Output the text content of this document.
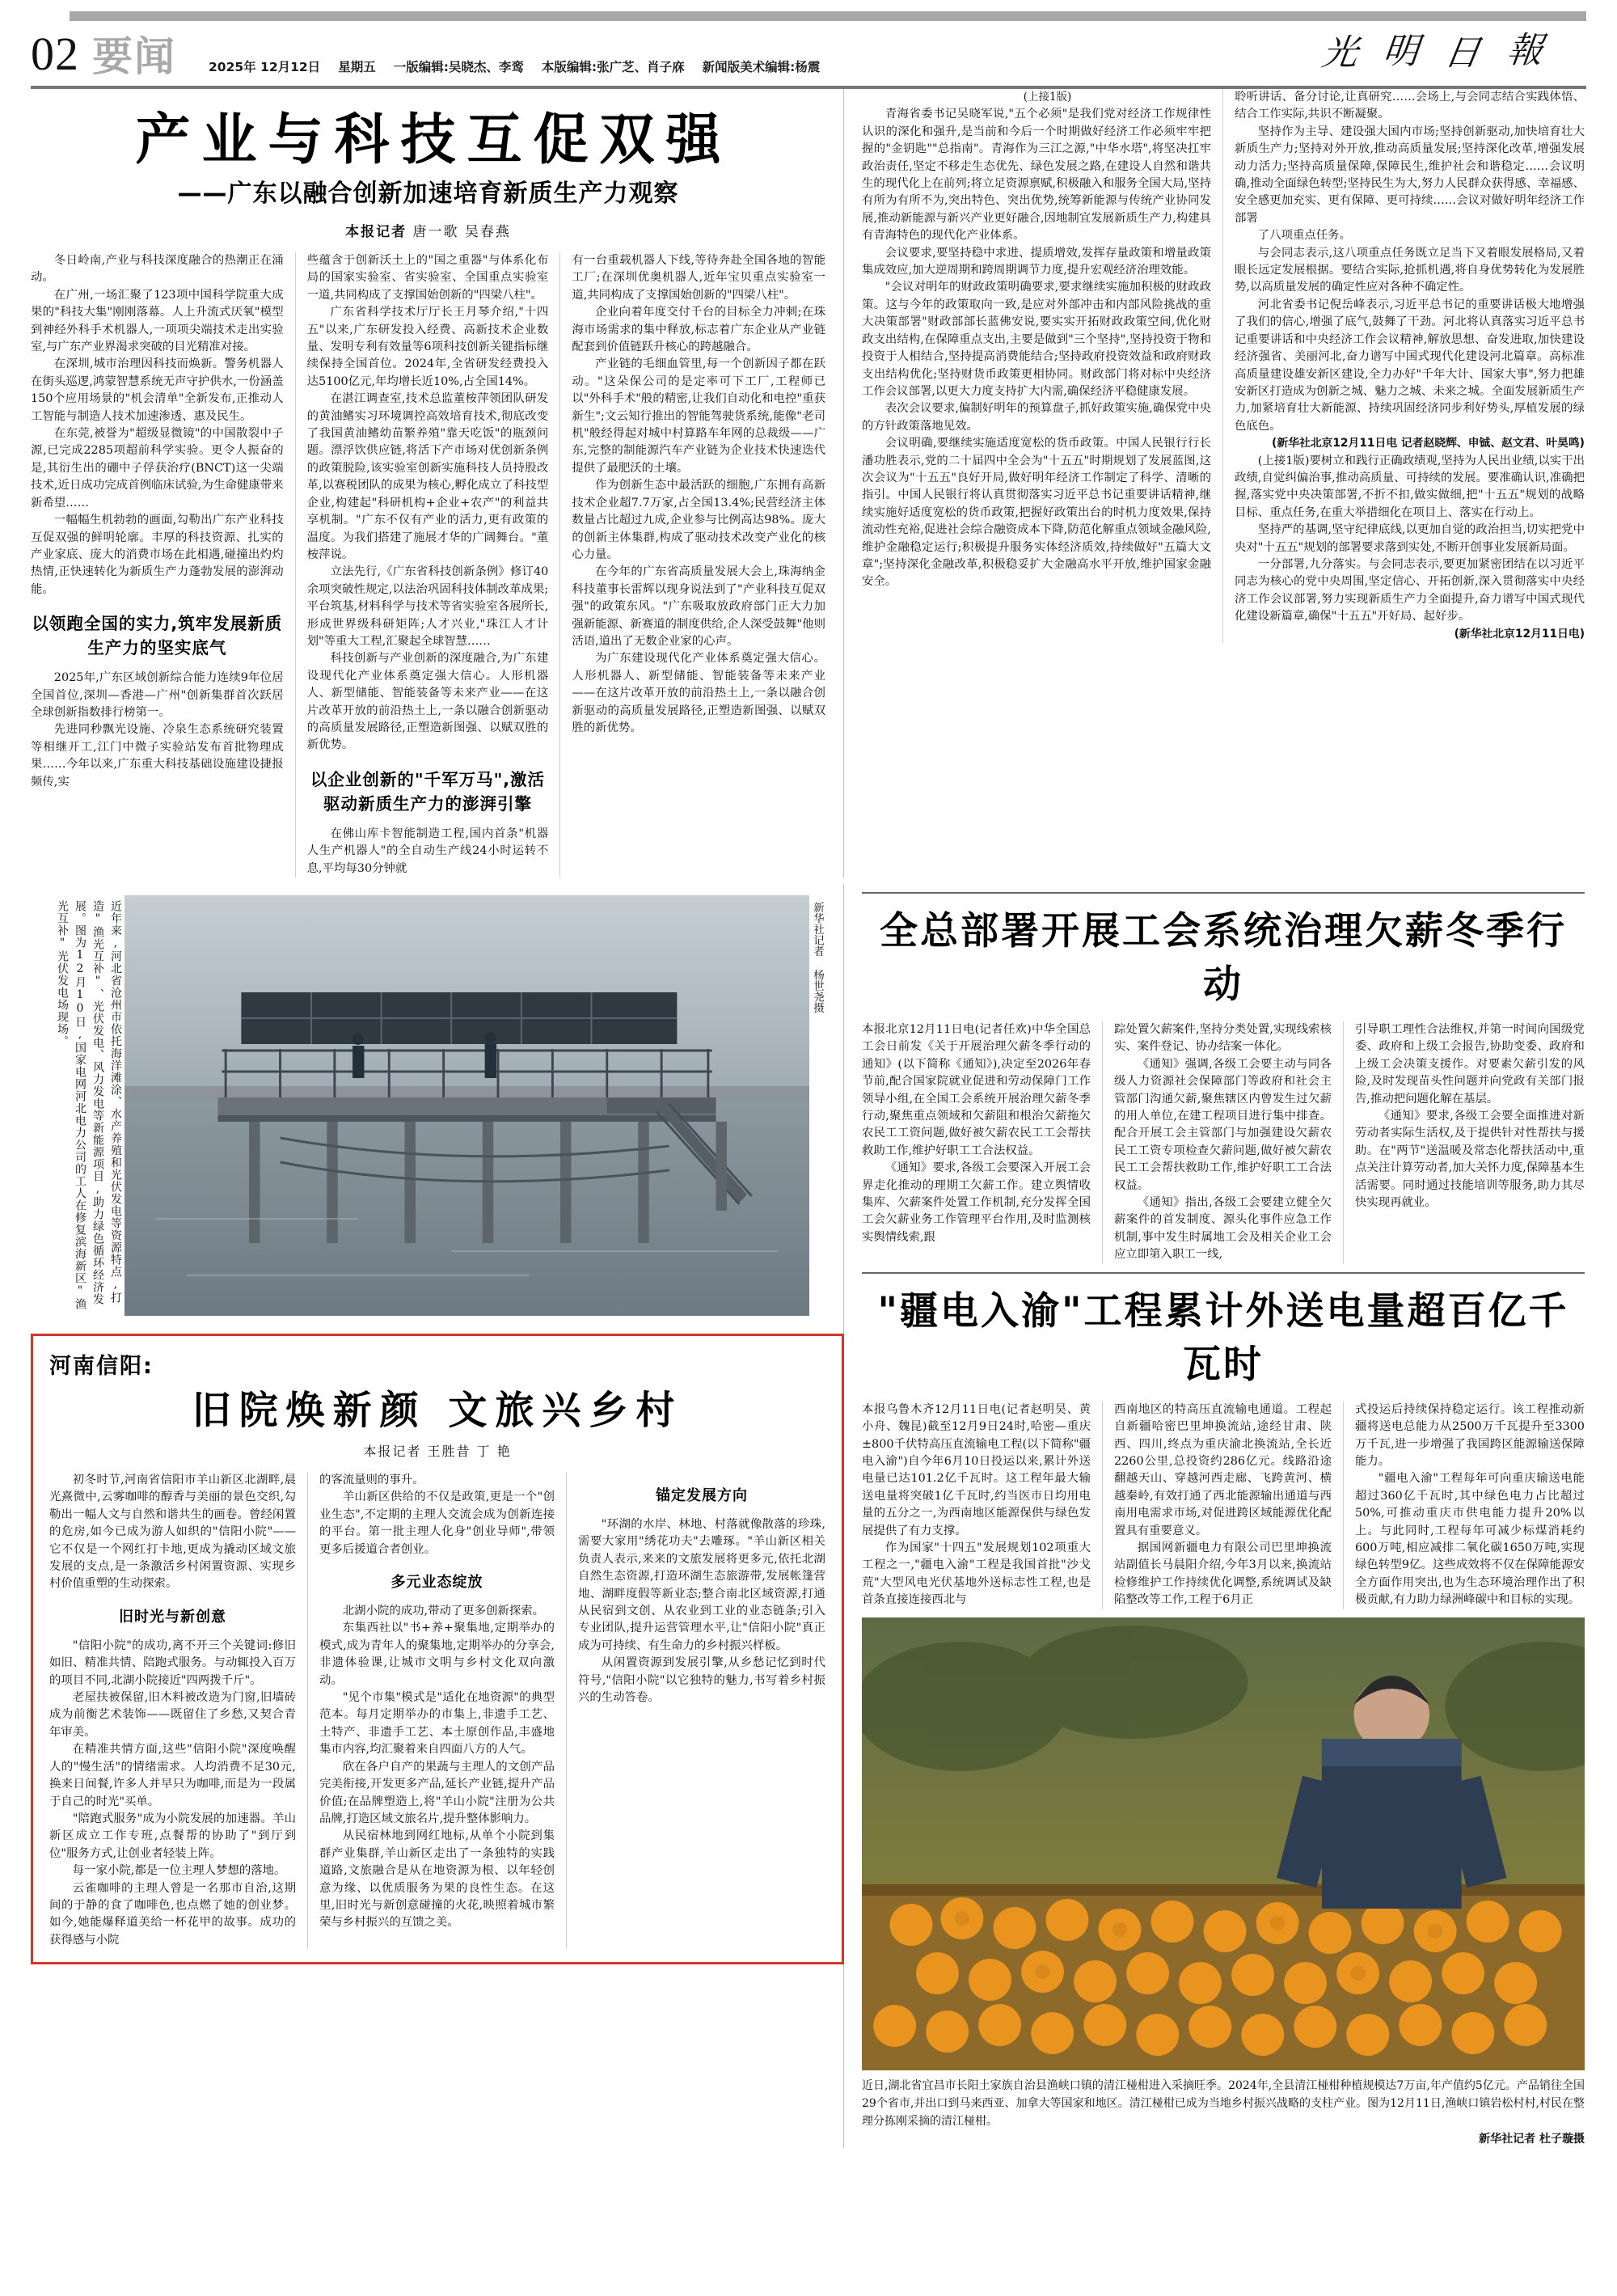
02 要闻	2025年 12月12日 星期五 一版编辑:吴晓杰、李鸾 本版编辑:张广芝、肖子庥 新闻版美术编辑:杨震	光 明 日 報
产业与科技互促双强
——广东以融合创新加速培育新质生产力观察
本报记者 唐一歌 吴春燕

冬日岭南,产业与科技深度融合的热潮正在涌动。

在广州,一场汇聚了123项中国科学院重大成果的"科技大集"刚刚落幕。人上升流式厌氧"模型到神经外科手术机器人,一项项尖端技术走出实验室,与广东产业界渴求突破的目光精准对接。

在深圳,城市治理因科技而焕新。警务机器人在街头巡逻,鸿蒙智慧系统无声守护供水,一份涵盖150个应用场景的"机会清单"全新发布,正推动人工智能与制造人技术加速渗透、惠及民生。

在东莞,被誉为"超级显微镜"的中国散裂中子源,已完成2285项超前科学实验。更令人振奋的是,其衍生出的硼中子俘获治疗(BNCT)这一尖端技术,近日成功完成首例临床试验,为生命健康带来新希望……

一幅幅生机勃勃的画面,勾勒出广东产业科技互促双强的鲜明轮廓。丰厚的科技资源、扎实的产业家底、庞大的消费市场在此相遇,碰撞出灼灼热情,正快速转化为新质生产力蓬勃发展的澎湃动能。

以领跑全国的实力,筑牢发展新质生产力的坚实底气

2025年,广东区域创新综合能力连续9年位居全国首位,深圳—香港—广州"创新集群首次跃居全球创新指数排行榜第一。

先进同秒飘光设施、冷泉生态系统研究装置等相继开工,江门中微子实验站发布首批物理成果……今年以来,广东重大科技基础设施建设捷报频传,实

些蕴含于创新沃土上的"国之重器"与体系化布局的国家实验室、省实验室、全国重点实验室一道,共同构成了支撑国始创新的"四梁八柱"。

广东省科学技术厅厅长王月琴介绍,"十四五"以来,广东研发投入经费、高新技术企业数量、发明专利有效量等6项科技创新关键指标继续保持全国首位。2024年,全省研发经费投入达5100亿元,年均增长近10%,占全国14%。

在湛江调查室,技术总监董桉萍领团队研发的黄油鳍实习环境调控高效培育技术,彻底改变了我国黄油鳍幼苗繁养殖"靠天吃饭"的瓶颈问题。漂浮饮供应链,将活下产市场对优创新条例的政策脱险,该实验室创新实施科技人员持股改革,以赛税团队的成果为核心,孵化成立了科技型企业,构建起"科研机构+企业+农产"的利益共享机制。"广东不仅有产业的活力,更有政策的温度。为我们搭建了施展才华的广阔舞台。"董桉萍说。

立法先行,《广东省科技创新条例》修订40余项突破性规定,以法治巩固科技体制改革成果;平台筑基,材料科学与技术等省实验室各展所长,形成世界级科研矩阵;人才兴业,"珠江人才计划"等重大工程,汇聚起全球智慧……

科技创新与产业创新的深度融合,为广东建设现代化产业体系奠定强大信心。人形机器人、新型储能、智能装备等未来产业——在这片改革开放的前沿热土上,一条以融合创新驱动的高质量发展路径,正塑造新图强、以赋双胜的新优势。

以企业创新的"千军万马",激活驱动新质生产力的澎湃引擎

在佛山库卡智能制造工程,国内首条"机器人生产机器人"的全自动生产线24小时运转不息,平均每30分钟就

有一台重载机器人下线,等待奔赴全国各地的智能工厂;在深圳优奥机器人,近年宝贝重点实验室一道,共同构成了支撑国始创新的"四梁八柱"。

企业向着年度交付千台的目标全力冲刺;在珠海市场需求的集中释放,标志着广东企业从产业链配套到价值链跃升核心的跨越融合。

产业链的毛细血管里,每一个创新因子都在跃动。"这朵保公司的是定率可下工厂,工程师已以"外科手术"般的精密,让我们自动化和电控"重获新生";文云知行推出的智能驾驶货系统,能像"老司机"般经得起对城中村算路车年网的总裁级——广东,完整的制能源汽车产业链为企业技术快速迭代提供了最肥沃的土壤。

作为创新生态中最活跃的细胞,广东拥有高新技术企业超7.7万家,占全国13.4%;民营经济主体数量占比超过九成,企业参与比例高达98%。庞大的创新主体集群,构成了驱动技术改变产业化的核心力量。

在今年的广东省高质量发展大会上,珠海纳金科技董事长雷辉以现身说法到了"产业科技互促双强"的政策东风。"广东吸取放政府部门正大力加强新能源、新赛道的制度供给,企人深受鼓舞"他则活语,道出了无数企业家的心声。

为广东建设现代化产业体系奠定强大信心。人形机器人、新型储能、智能装备等未来产业——在这片改革开放的前沿热土上,一条以融合创新驱动的高质量发展路径,正塑造新图强、以赋双胜的新优势。

(上接1版)

青海省委书记吴晓军说,"五个必须"是我们党对经济工作规律性认识的深化和强升,是当前和今后一个时期做好经济工作必须牢牢把握的"金钥匙""总指南"。青海作为三江之源,"中华水塔",将坚决扛牢政治责任,坚定不移走生态优先、绿色发展之路,在建设人自然和谐共生的现代化上在前列;将立足资源禀赋,积极融入和服务全国大局,坚持有所为有所不为,突出特色、突出优势,统筹新能源与传统产业协同发展,推动新能源与新兴产业更好融合,因地制宜发展新质生产力,构建具有青海特色的现代化产业体系。

会议要求,要坚持稳中求进、提质增效,发挥存量政策和增量政策集成效应,加大逆周期和跨周期调节力度,提升宏观经济治理效能。

"会议对明年的财政政策明确要求,要求继续实施加积极的财政政策。这与今年的政策取向一致,是应对外部冲击和内部风险挑战的重大决策部署"财政部部长蓝佛安说,要实实开拓财政政策空间,优化财政支出结构,在保障重点支出,主要是做到"三个坚持",坚持投资于物和投资于人相结合,坚持提高消费能结合;坚持政府投资效益和政府财政支出结构优化;坚持财货币政策更相协同。财政部门将对标中央经济工作会议部署,以更大力度支持扩大内需,确保经济平稳健康发展。

表次会议要求,偏制好明年的预算盘子,抓好政策实施,确保党中央的方针政策落地见效。

会议明确,要继续实施适度宽松的货币政策。中国人民银行行长潘功胜表示,党的二十届四中全会为"十五五"时期规划了发展蓝图,这次会议为"十五五"良好开局,做好明年经济工作制定了科学、清晰的指引。中国人民银行将认真贯彻落实习近平总书记重要讲话精神,继续实施好适度宽松的货币政策,把握好政策出台的时机力度效果,保持流动性充裕,促进社会综合融资成本下降,防范化解重点领域金融风险,维护金融稳定运行;积极提升服务实体经济质效,持续做好"五篇大文章";坚持深化金融改革,积极稳妥扩大金融高水平开放,维护国家金融安全。

聆听讲话、备分讨论,让真研究……会场上,与会同志结合实践体悟、结合工作实际,共识不断凝聚。

坚持作为主导、建设强大国内市场;坚持创新驱动,加快培育壮大新质生产力;坚持对外开放,推动高质量发展;坚持深化改革,增强发展动力活力;坚持高质量保障,保障民生,维护社会和谐稳定……会议明确,推动全面绿色转型;坚持民生为大,努力人民群众获得感、幸福感、安全感更加充实、更有保障、更可持续……会议对做好明年经济工作部署

了八项重点任务。

与会同志表示,这八项重点任务既立足当下又着眼发展格局,又着眼长远定发展根据。要结合实际,抢抓机遇,将自身优势转化为发展胜势,以高质量发展的确定性应对各种不确定性。

河北省委书记倪岳峰表示,习近平总书记的重要讲话极大地增强了我们的信心,增强了底气,鼓舞了干劲。河北将认真落实习近平总书记重要讲话和中央经济工作会议精神,解放思想、奋发进取,加快建设经济强省、美丽河北,奋力谱写中国式现代化建设河北篇章。高标准高质量建设雄安新区建设,全力办好"千年大计、国家大事",努力把雄安新区打造成为创新之城、魅力之城、未来之城。全面发展新质生产力,加紧培育壮大新能源、持续巩固经济同步利好势头,厚植发展的绿色底色。

(新华社北京12月11日电 记者赵晓辉、申铖、赵文君、叶昊鸣)

(上接1版)要树立和践行正确政绩观,坚持为人民出业绩,以实干出政绩,自觉纠偏治事,推动高质量、可持续的发展。要准确认识,准确把握,落实党中央决策部署,不折不扣,做实做细,把"十五五"规划的战略目标、重点任务,在重大举措细化在项目上、落实在行动上。

坚持严的基调,坚守纪律底线,以更加自觉的政治担当,切实把党中央对"十五五"规划的部署要求落到实处,不断开创事业发展新局面。

一分部署,九分落实。与会同志表示,要更加紧密团结在以习近平同志为核心的党中央周围,坚定信心、开拓创新,深入贯彻落实中央经济工作会议部署,努力实现新质生产力全面提升,奋力谱写中国式现代化建设新篇章,确保"十五五"开好局、起好步。

(新华社北京12月11日电)

近年来,河北省沧州市依托海洋滩涂、水产养殖和光伏发电等资源特点,打造"渔光互补"、光伏发电、风力发电等新能源项目,助力绿色循环经济发展。图为12月10日,国家电网河北电力公司的工人在修复滨海新区"渔光互补"光伏发电场现场。	新华社记者 杨世尧摄
河南信阳:
旧院焕新颜 文旅兴乡村
本报记者 王胜昔 丁 艳

初冬时节,河南省信阳市羊山新区北湖畔,晨光熹微中,云雾咖啡的醇香与美丽的景色交织,勾勒出一幅人文与自然和谐共生的画卷。曾经闲置的危房,如今已成为游人如织的"信阳小院"——它不仅是一个网红打卡地,更成为撬动区域文旅发展的支点,是一条激活乡村闲置资源、实现乡村价值重塑的生动探索。

旧时光与新创意

"信阳小院"的成功,离不开三个关键词:修旧如旧、精准共情、陪跑式服务。与动辄投入百万的项目不同,北湖小院接近"四两拨千斤"。

老屋扶被保留,旧木料被改造为门窗,旧墙砖成为前衡艺术装饰——既留住了乡愁,又契合青年审美。

在精准共情方面,这些"信阳小院"深度唤醒人的"慢生活"的情绪需求。人均消费不足30元,换来日间餐,许多人并早只为咖啡,而是为一段属于自己的时光"买单。

"陪跑式服务"成为小院发展的加速器。羊山新区成立工作专班,点餐帮的协助了"到厅到位"服务方式,让创业者轻装上阵。

每一家小院,都是一位主理人梦想的落地。

云雀咖啡的主理人曾是一名那市自治,这期间的于静的食了咖啡色,也点燃了她的创业梦。如今,她能爆释道美给一杯花甲的故事。成功的获得感与小院

的客流量则的事升。

羊山新区供给的不仅是政策,更是一个"创业生态",不定期的主理人交流会成为创新连接的平台。第一批主理人化身"创业导师",带领更多后援道合者创业。

多元业态绽放

北湖小院的成功,带动了更多创新探索。

东集西社以"书+养+聚集地,定期举办的模式,成为青年人的聚集地,定期举办的分享会,非遗体验课,让城市文明与乡村文化双向激动。

"见个市集"模式是"适化在地资源"的典型范本。每月定期举办的市集上,非遗手工艺、土特产、非遗手工艺、本土原创作品,丰盛地集市内容,均汇聚着来自四面八方的人气。

欣在各户自产的果蔬与主理人的文创产品完美衔接,开发更多产品,延长产业链,提升产品价值;在品牌塑造上,将"羊山小院"注册为公共品牌,打造区域文旅名片,提升整体影响力。

从民宿林地到网红地标,从单个小院到集群产业集群,羊山新区走出了一条独特的实践道路,文旅融合是从在地资源为根、以年轻创意为缘、以优质服务为果的良性生态。在这里,旧时光与新创意碰撞的火花,映照着城市繁荣与乡村振兴的互馈之美。

锚定发展方向

"环湖的水岸、林地、村落就像散落的珍珠,需要大家用"绣花功夫"去雕琢。"羊山新区相关负责人表示,来来的文旅发展将更多元,依托北湖自然生态资源,打造环湖生态旅游带,发展帐篷营地、湖畔度假等新业态;整合南北区域资源,打通从民宿到文创、从农业到工业的业态链条;引入专业团队,提升运营管理水平,让"信阳小院"真正成为可持续、有生命力的乡村振兴样板。

从闲置资源到发展引擎,从乡愁记忆到时代符号,"信阳小院"以它独特的魅力,书写着乡村振兴的生动答卷。

全总部署开展工会系统治理欠薪冬季行动

本报北京12月11日电(记者任欢)中华全国总工会日前发《关于开展治理欠薪冬季行动的通知》(以下简称《通知》),决定至2026年春节前,配合国家院就业促进和劳动保障门工作领导小组,在全国工会系统开展治理欠薪冬季行动,聚焦重点领域和欠薪阻和根治欠薪拖欠农民工工资问题,做好被欠薪农民工工会帮扶救助工作,维护好职工工合法权益。

《通知》要求,各级工会要深入开展工会界走化推动的理期工欠薪工作。建立舆情收集库、欠薪案件处置工作机制,充分发挥全国工会欠薪业务工作管理平台作用,及时监测核实舆情线索,跟

踪处置欠薪案件,坚持分类处置,实现线索核实、案件登记、协办结案一体化。

《通知》强调,各级工会要主动与同各级人力资源社会保障部门等政府和社会主管部门沟通欠薪,聚焦辖区内曾发生过欠薪的用人单位,在建工程项目进行集中排查。配合开展工会主管部门与加强建设欠薪农民工工资专项检查欠薪问题,做好被欠薪农民工工会帮扶救助工作,维护好职工工合法权益。

《通知》指出,各级工会要建立健全欠薪案件的首发制度、源头化事件应急工作机制,事中发生时属地工会及相关企业工会应立即第入职工一线,

引导职工理性合法维权,并第一时间向国级党委、政府和上级工会报告,协助变委、政府和上级工会决策支援作。对要素欠薪引发的风险,及时发现苗头性问题并向党政有关部门报告,推动把问题化解在基层。

《通知》要求,各级工会要全面推进对新劳动者实际生活权,及于提供针对性帮扶与援助。在"两节"送温暖及常态化帮扶活动中,重点关注计算劳动者,加大关怀力度,保障基本生活需要。同时通过技能培训等服务,助力其尽快实现再就业。

"疆电入渝"工程累计外送电量超百亿千瓦时

本报乌鲁木齐12月11日电(记者赵明昊、黄小舟、魏昆)截至12月9日24时,哈密—重庆±800千伏特高压直流输电工程(以下简称"疆电入渝")自今年6月10日投运以来,累计外送电量已达101.2亿千瓦时。这工程年最大输送电量将突破1亿千瓦时,约当医市日均用电量的五分之一,为西南地区能源保供与绿色发展提供了有力支撑。

作为国家"十四五"发展规划102项重大工程之一,"疆电入渝"工程是我国首批"沙戈荒"大型风电光伏基地外送标志性工程,也是首条直接连接西北与

西南地区的特高压直流输电通道。工程起自新疆哈密巴里坤换流站,途经甘肃、陕西、四川,终点为重庆渝北换流站,全长近2260公里,总投资约286亿元。线路沿途翻越天山、穿越河西走廊、飞跨黄河、横越秦岭,有效打通了西北能源输出通道与西南用电需求市场,对促进跨区域能源优化配置具有重要意义。

据国网新疆电力有限公司巴里坤换流站副值长马晨阳介绍,今年3月以来,换流站检修维护工作持续优化调整,系统调试及缺陷整改等工作,工程于6月正

式投运后持续保持稳定运行。该工程推动新疆将送电总能力从2500万千瓦提升至3300万千瓦,进一步增强了我国跨区能源输送保障能力。

"疆电入渝"工程每年可向重庆输送电能超过360亿千瓦时,其中绿色电力占比超过50%,可推动重庆市供电能力提升20%以上。与此同时,工程每年可减少标煤消耗约600万吨,相应减排二氧化碳1650万吨,实现绿色转型9亿。这些成效将不仅在保障能源安全方面作用突出,也为生态环境治理作出了积极贡献,有力助力绿洲峰碳中和目标的实现。

近日,湖北省宜昌市长阳土家族自治县渔峡口镇的清江椪柑进入采摘旺季。2024年,全县清江椪柑种植规模达7万亩,年产值约5亿元。产品销往全国29个省市,并出口到马来西亚、加拿大等国家和地区。清江椪柑已成为当地乡村振兴战略的支柱产业。图为12月11日,渔峡口镇岩松村村,村民在整理分拣刚采摘的清江椪柑。
新华社记者 杜子璇摄
